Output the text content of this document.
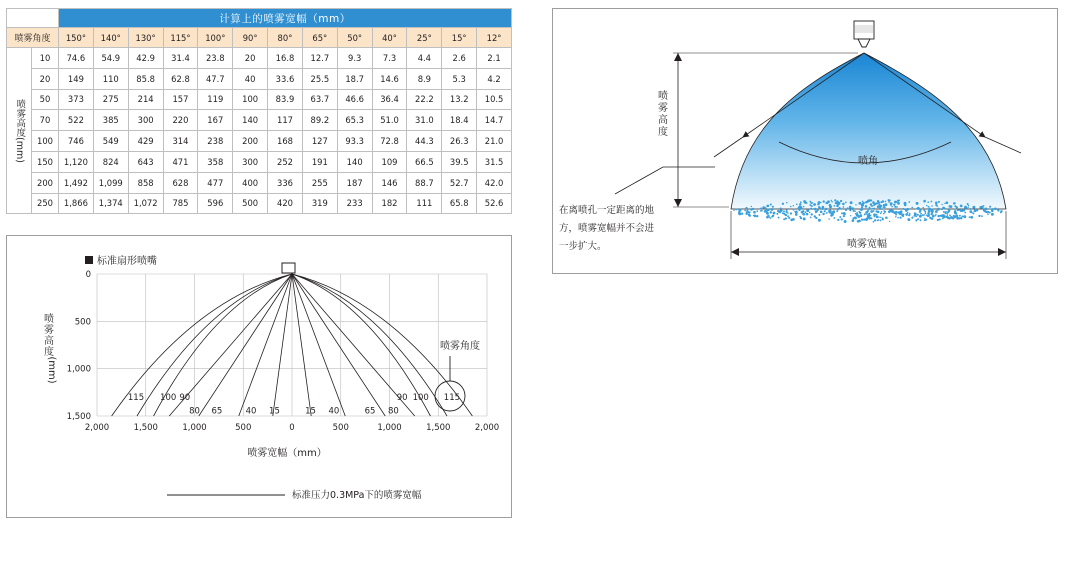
		计算上的喷雾宽幅（mm）												
喷雾角度		150°	140°	130°	115°	100°	90°	80°	65°	50°	40°	25°	15°	12°
喷雾高度(mm)	10	74.6	54.9	42.9	31.4	23.8	20	16.8	12.7	9.3	7.3	4.4	2.6	2.1
	20	149	110	85.8	62.8	47.7	40	33.6	25.5	18.7	14.6	8.9	5.3	4.2
	50	373	275	214	157	119	100	83.9	63.7	46.6	36.4	22.2	13.2	10.5
	70	522	385	300	220	167	140	117	89.2	65.3	51.0	31.0	18.4	14.7
	100	746	549	429	314	238	200	168	127	93.3	72.8	44.3	26.3	21.0
	150	1,120	824	643	471	358	300	252	191	140	109	66.5	39.5	31.5
	200	1,492	1,099	858	628	477	400	336	255	187	146	88.7	52.7	42.0
	250	1,866	1,374	1,072	785	596	500	420	319	233	182	111	65.8	52.6
115 100 90
80 65	40 15	15 40	65 80
90 100 115
2,000	1,500	1,000	500	0	500	1,000	1,500	2,000
0
500
1,000
1,500
标准扇形喷嘴
喷
雾
高
度
(mm)
喷雾角度
喷雾宽幅（mm）
标准压力0.3MPa下的喷雾宽幅
喷角
喷
雾
高
度
在离喷孔一定距离的地
方，喷雾宽幅并不会进
一步扩大。	喷雾宽幅
